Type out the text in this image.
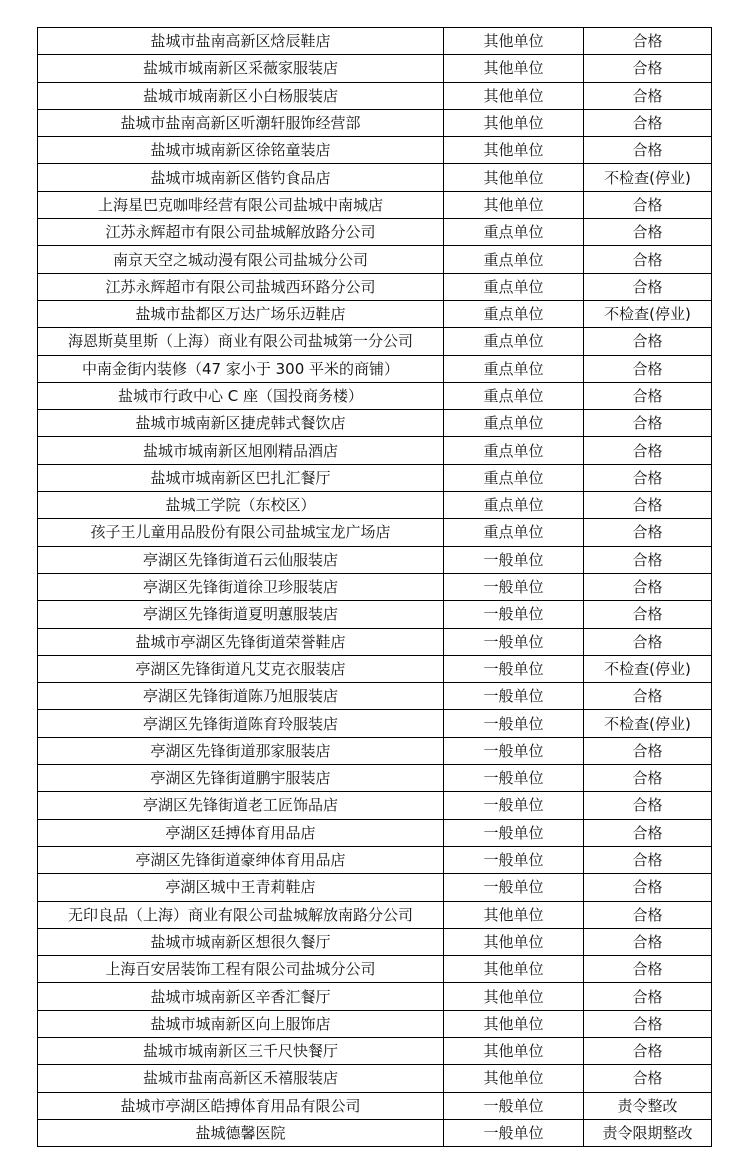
盐城市盐南高新区焓辰鞋店	其他单位	合格
盐城市城南新区采薇家服装店	其他单位	合格
盐城市城南新区小白杨服装店	其他单位	合格
盐城市盐南高新区听潮轩服饰经营部	其他单位	合格
盐城市城南新区徐铭童装店	其他单位	合格
盐城市城南新区偕钓食品店	其他单位	不检查(停业)
上海星巴克咖啡经营有限公司盐城中南城店	其他单位	合格
江苏永辉超市有限公司盐城解放路分公司	重点单位	合格
南京天空之城动漫有限公司盐城分公司	重点单位	合格
江苏永辉超市有限公司盐城西环路分公司	重点单位	合格
盐城市盐都区万达广场乐迈鞋店	重点单位	不检查(停业)
海恩斯莫里斯（上海）商业有限公司盐城第一分公司	重点单位	合格
中南金街内装修（47 家小于 300 平米的商铺）	重点单位	合格
盐城市行政中心 C 座（国投商务楼）	重点单位	合格
盐城市城南新区捷虎韩式餐饮店	重点单位	合格
盐城市城南新区旭刚精品酒店	重点单位	合格
盐城市城南新区巴扎汇餐厅	重点单位	合格
盐城工学院（东校区）	重点单位	合格
孩子王儿童用品股份有限公司盐城宝龙广场店	重点单位	合格
亭湖区先锋街道石云仙服装店	一般单位	合格
亭湖区先锋街道徐卫珍服装店	一般单位	合格
亭湖区先锋街道夏明蕙服装店	一般单位	合格
盐城市亭湖区先锋街道荣誉鞋店	一般单位	合格
亭湖区先锋街道凡艾克衣服装店	一般单位	不检查(停业)
亭湖区先锋街道陈乃旭服装店	一般单位	合格
亭湖区先锋街道陈育玲服装店	一般单位	不检查(停业)
亭湖区先锋街道那家服装店	一般单位	合格
亭湖区先锋街道鹏宇服装店	一般单位	合格
亭湖区先锋街道老工匠饰品店	一般单位	合格
亭湖区廷搏体育用品店	一般单位	合格
亭湖区先锋街道豪绅体育用品店	一般单位	合格
亭湖区城中王青莉鞋店	一般单位	合格
无印良品（上海）商业有限公司盐城解放南路分公司	其他单位	合格
盐城市城南新区想很久餐厅	其他单位	合格
上海百安居装饰工程有限公司盐城分公司	其他单位	合格
盐城市城南新区辛香汇餐厅	其他单位	合格
盐城市城南新区向上服饰店	其他单位	合格
盐城市城南新区三千尺快餐厅	其他单位	合格
盐城市盐南高新区禾禧服装店	其他单位	合格
盐城市亭湖区皓搏体育用品有限公司	一般单位	责令整改
盐城德馨医院	一般单位	责令限期整改
